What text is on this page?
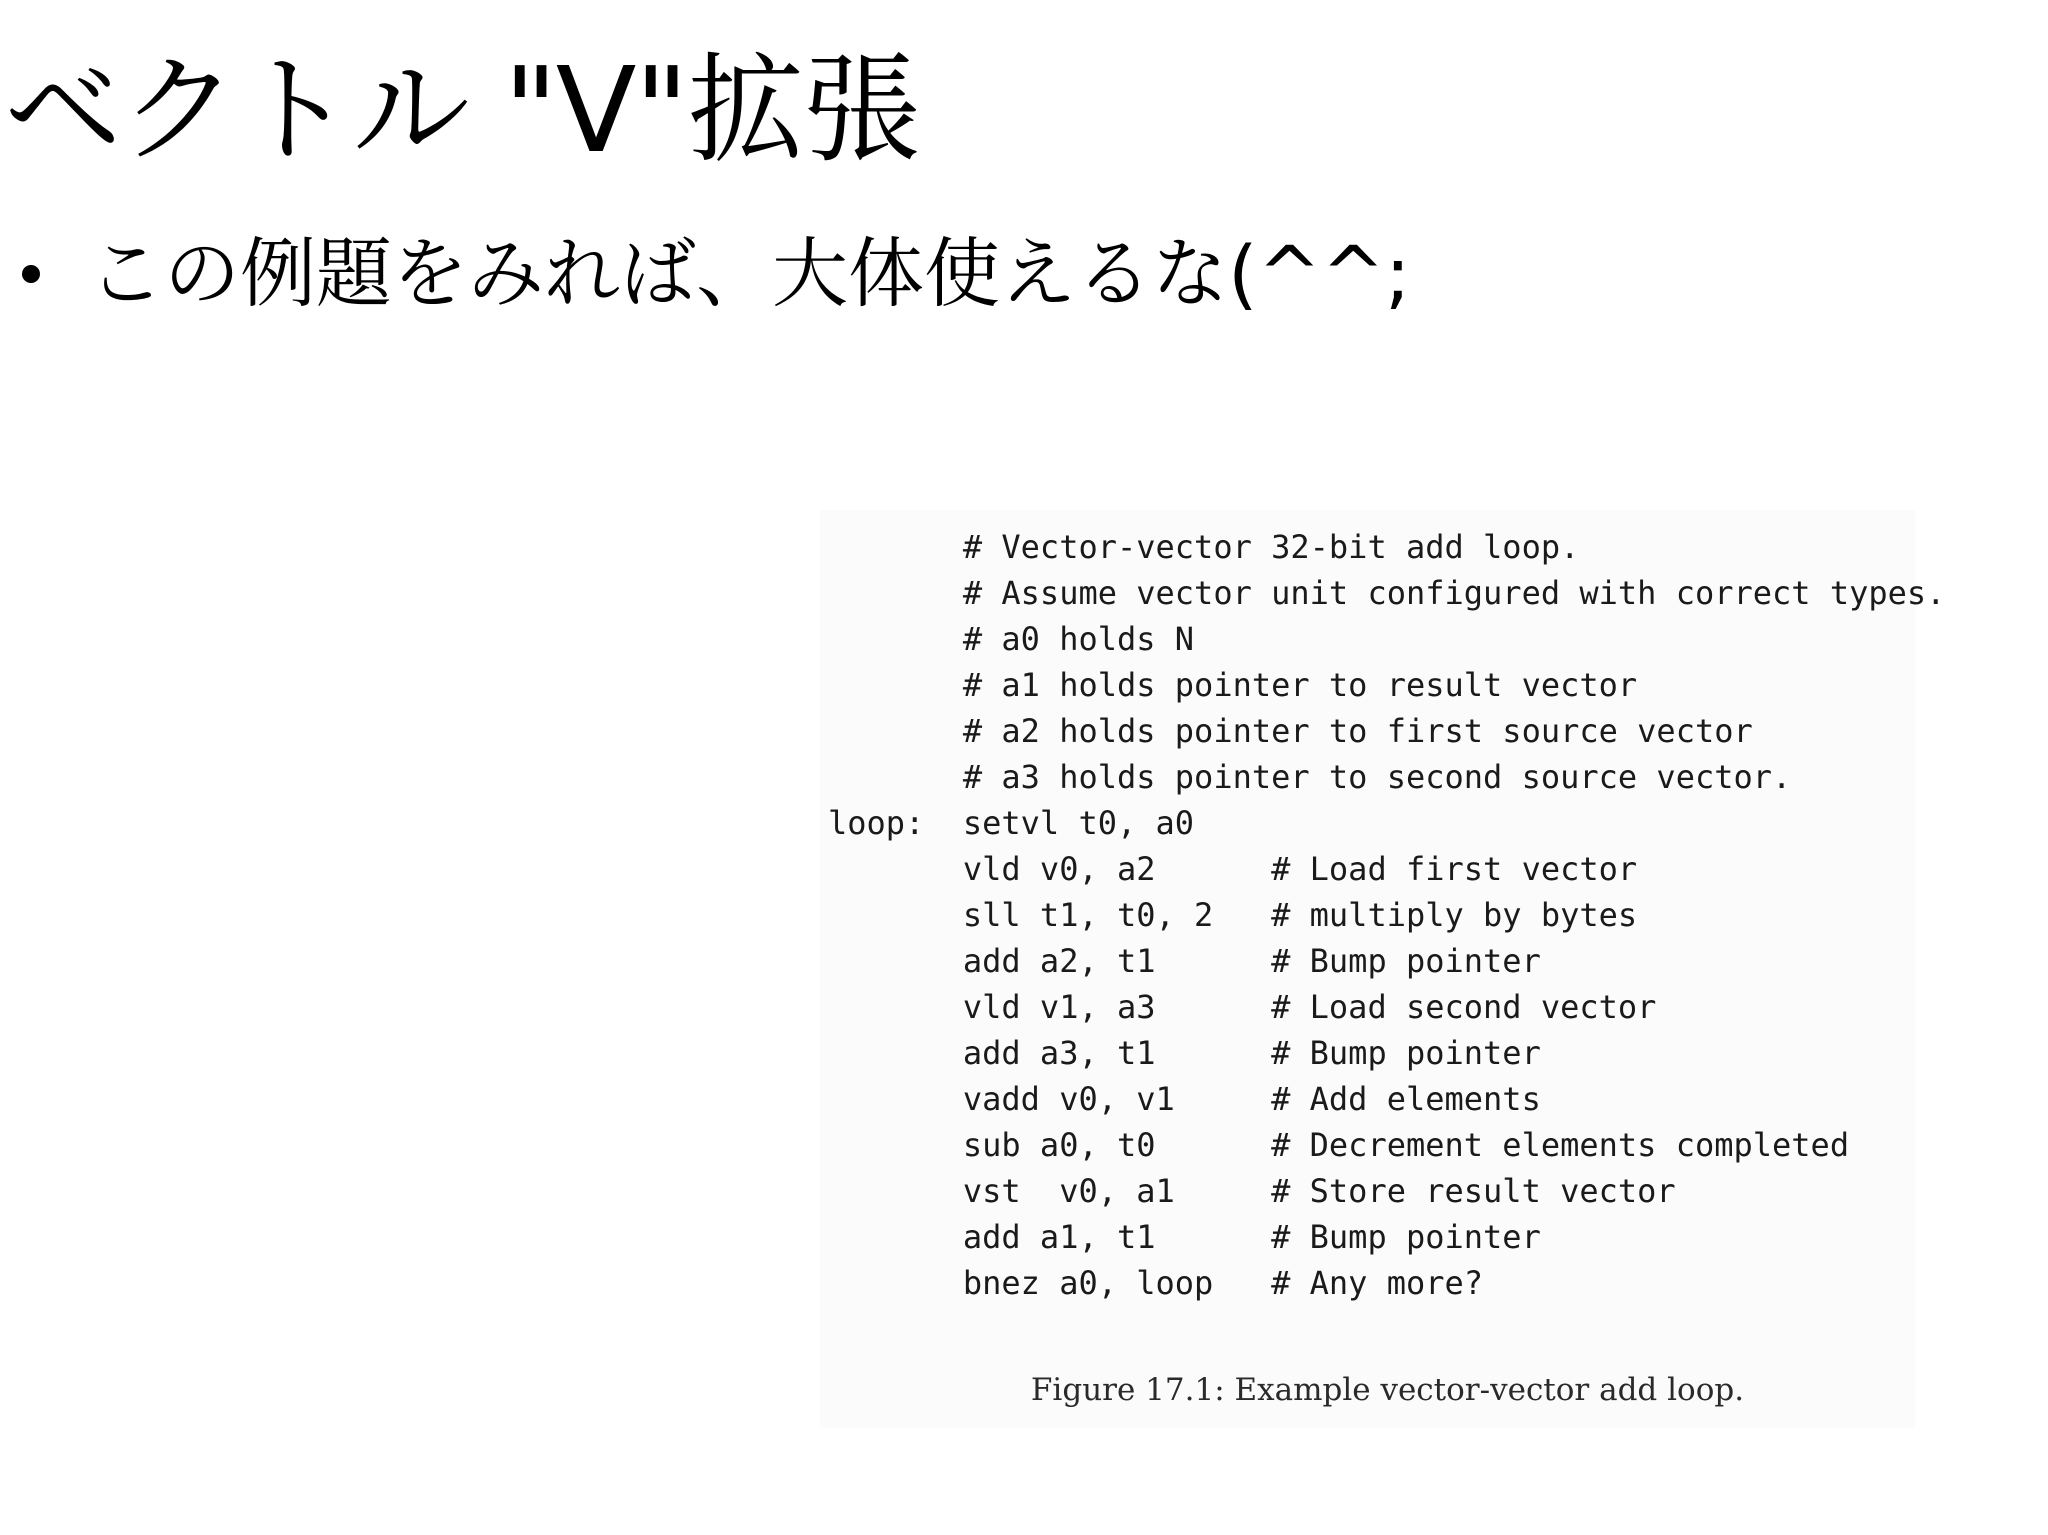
ベクトル "V"拡張
この例題をみれば、大体使えるな(^^;
# Vector-vector 32-bit add loop.
# Assume vector unit configured with correct types.
# a0 holds N
# a1 holds pointer to result vector
# a2 holds pointer to first source vector
# a3 holds pointer to second source vector.
loop:  setvl t0, a0
vld v0, a2      # Load first vector
sll t1, t0, 2   # multiply by bytes
add a2, t1      # Bump pointer
vld v1, a3      # Load second vector
add a3, t1      # Bump pointer
vadd v0, v1     # Add elements
sub a0, t0      # Decrement elements completed
vst  v0, a1     # Store result vector
add a1, t1      # Bump pointer
bnez a0, loop   # Any more?
Figure 17.1: Example vector-vector add loop.
